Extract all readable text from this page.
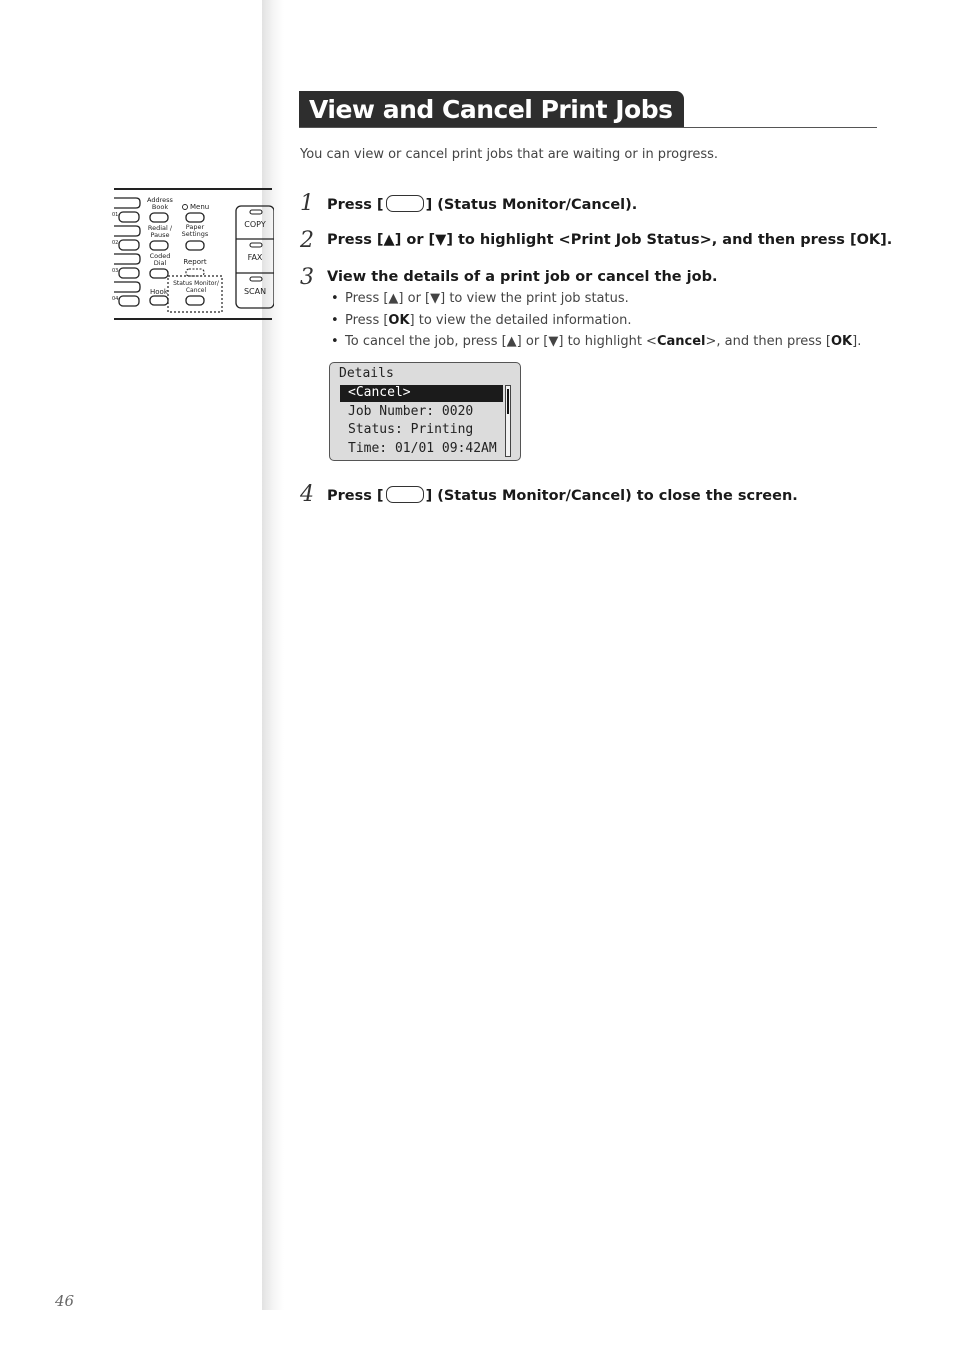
Address
Book	Menu
Redial /
Pause
Paper
Settings
Coded
Dial	Report
Hook
Status Monitor/
Cancel
COPY
FAX
SCAN
01
02
03
04
View and Cancel Print Jobs
You can view or cancel print jobs that are waiting or in progress.
1 Press [	] (Status Monitor/Cancel).
2 Press [▲] or [▼] to highlight <Print Job Status>, and then press [OK].
3 View the details of a print job or cancel the job.
• Press [▲] or [▼] to view the print job status.
• Press [OK] to view the detailed information.
• To cancel the job, press [▲] or [▼] to highlight <Cancel>, and then press [OK].
Details
<Cancel>
Job Number: 0020
Status: Printing
Time: 01/01 09:42AM
4 Press [	] (Status Monitor/Cancel) to close the screen.
46
